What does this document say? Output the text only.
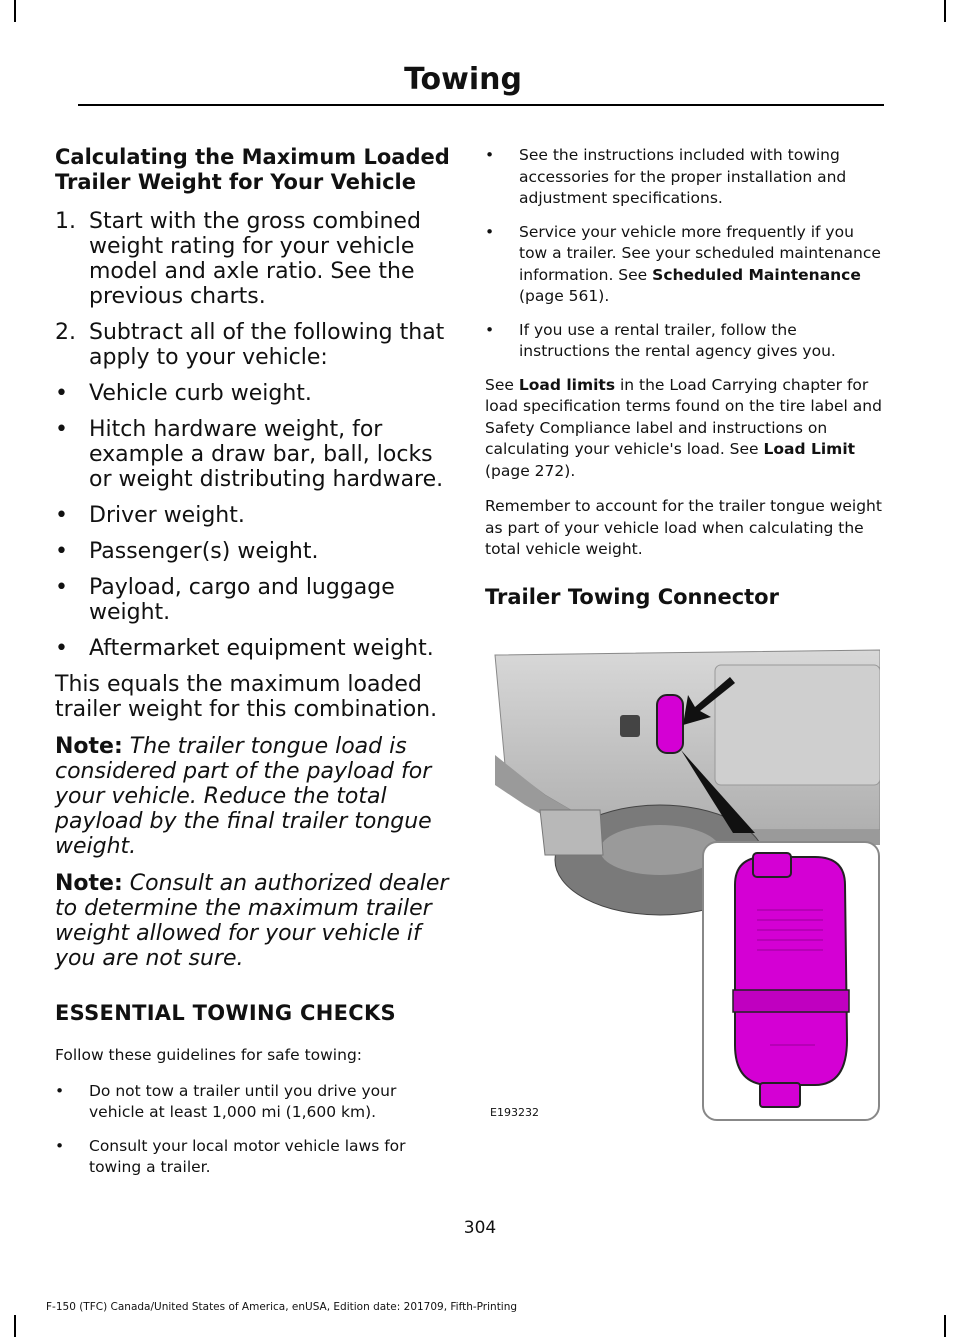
Towing
Calculating the Maximum Loaded Trailer Weight for Your Vehicle
1. Start with the gross combined weight rating for your vehicle model and axle ratio. See the previous charts.
2. Subtract all of the following that apply to your vehicle:
• Vehicle curb weight.
• Hitch hardware weight, for example a draw bar, ball, locks or weight distributing hardware.
• Driver weight.
• Passenger(s) weight.
• Payload, cargo and luggage weight.
• Aftermarket equipment weight.

This equals the maximum loaded trailer weight for this combination.

Note: The trailer tongue load is considered part of the payload for your vehicle. Reduce the total payload by the final trailer tongue weight.

Note: Consult an authorized dealer to determine the maximum trailer weight allowed for your vehicle if you are not sure.

ESSENTIAL TOWING CHECKS

Follow these guidelines for safe towing:

• Do not tow a trailer until you drive your vehicle at least 1,000 mi (1,600 km).
• Consult your local motor vehicle laws for towing a trailer.
• See the instructions included with towing accessories for the proper installation and adjustment specifications.
• Service your vehicle more frequently if you tow a trailer. See your scheduled maintenance information. See Scheduled Maintenance (page 561).
• If you use a rental trailer, follow the instructions the rental agency gives you.

See Load limits in the Load Carrying chapter for load specification terms found on the tire label and Safety Compliance label and instructions on calculating your vehicle's load. See Load Limit (page 272).

Remember to account for the trailer tongue weight as part of your vehicle load when calculating the total vehicle weight.

Trailer Towing Connector
E193232
304
F-150 (TFC) Canada/United States of America, enUSA, Edition date: 201709, Fifth-Printing
